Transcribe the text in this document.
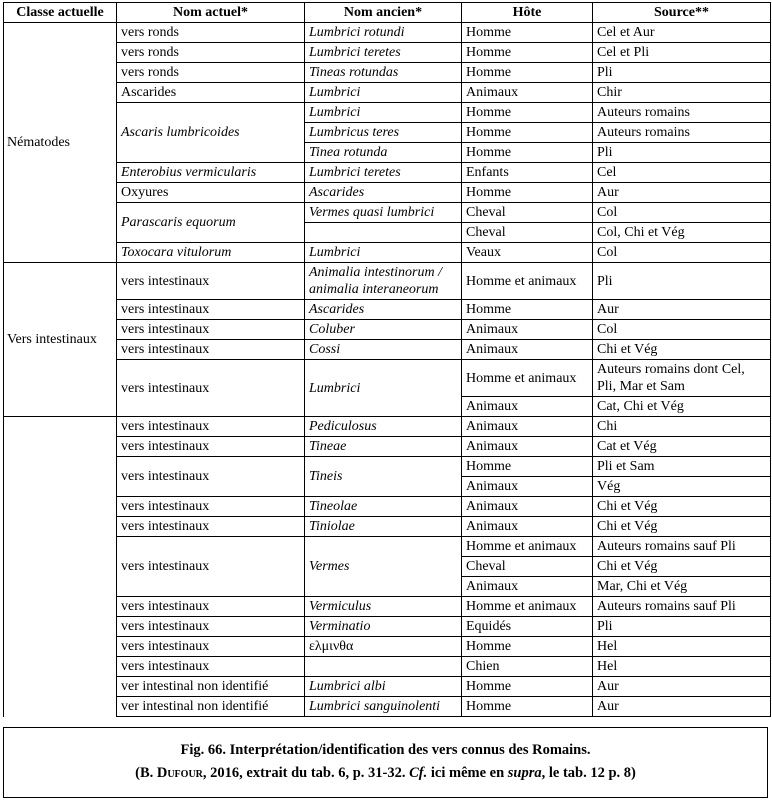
Classe actuelle	Nom actuel*	Nom ancien*	Hôte	Source**
Nématodes	vers ronds	Lumbrici rotundi	Homme	Cel et Aur
	vers ronds	Lumbrici teretes	Homme	Cel et Pli
	vers ronds	Tineas rotundas	Homme	Pli
	Ascarides	Lumbrici	Animaux	Chir
	Ascaris lumbricoides	Lumbrici	Homme	Auteurs romains
		Lumbricus teres	Homme	Auteurs romains
		Tinea rotunda	Homme	Pli
	Enterobius vermicularis	Lumbrici teretes	Enfants	Cel
	Oxyures	Ascarides	Homme	Aur
	Parascaris equorum	Vermes quasi lumbrici	Cheval	Col
			Cheval	Col, Chi et Vég
	Toxocara vitulorum	Lumbrici	Veaux	Col
Vers intestinaux	vers intestinaux	Animalia intestinorum / animalia interaneorum	Homme et animaux	Pli
	vers intestinaux	Ascarides	Homme	Aur
	vers intestinaux	Coluber	Animaux	Col
	vers intestinaux	Cossi	Animaux	Chi et Vég
	vers intestinaux	Lumbrici	Homme et animaux	Auteurs romains dont Cel, Pli, Mar et Sam
			Animaux	Cat, Chi et Vég
	vers intestinaux	Pediculosus	Animaux	Chi
	vers intestinaux	Tineae	Animaux	Cat et Vég
	vers intestinaux	Tineis	Homme	Pli et Sam
			Animaux	Vég
	vers intestinaux	Tineolae	Animaux	Chi et Vég
	vers intestinaux	Tiniolae	Animaux	Chi et Vég
	vers intestinaux	Vermes	Homme et animaux	Auteurs romains sauf Pli
			Cheval	Chi et Vég
			Animaux	Mar, Chi et Vég
	vers intestinaux	Vermiculus	Homme et animaux	Auteurs romains sauf Pli
	vers intestinaux	Verminatio	Equidés	Pli
	vers intestinaux	ελμινθα	Homme	Hel
	vers intestinaux		Chien	Hel
	ver intestinal non identifié	Lumbrici albi	Homme	Aur
	ver intestinal non identifié	Lumbrici sanguinolenti	Homme	Aur
Fig. 66. Interprétation/identification des vers connus des Romains.
(B. Dufour, 2016, extrait du tab. 6, p. 31-32. Cf. ici même en supra, le tab. 12 p. 8)
